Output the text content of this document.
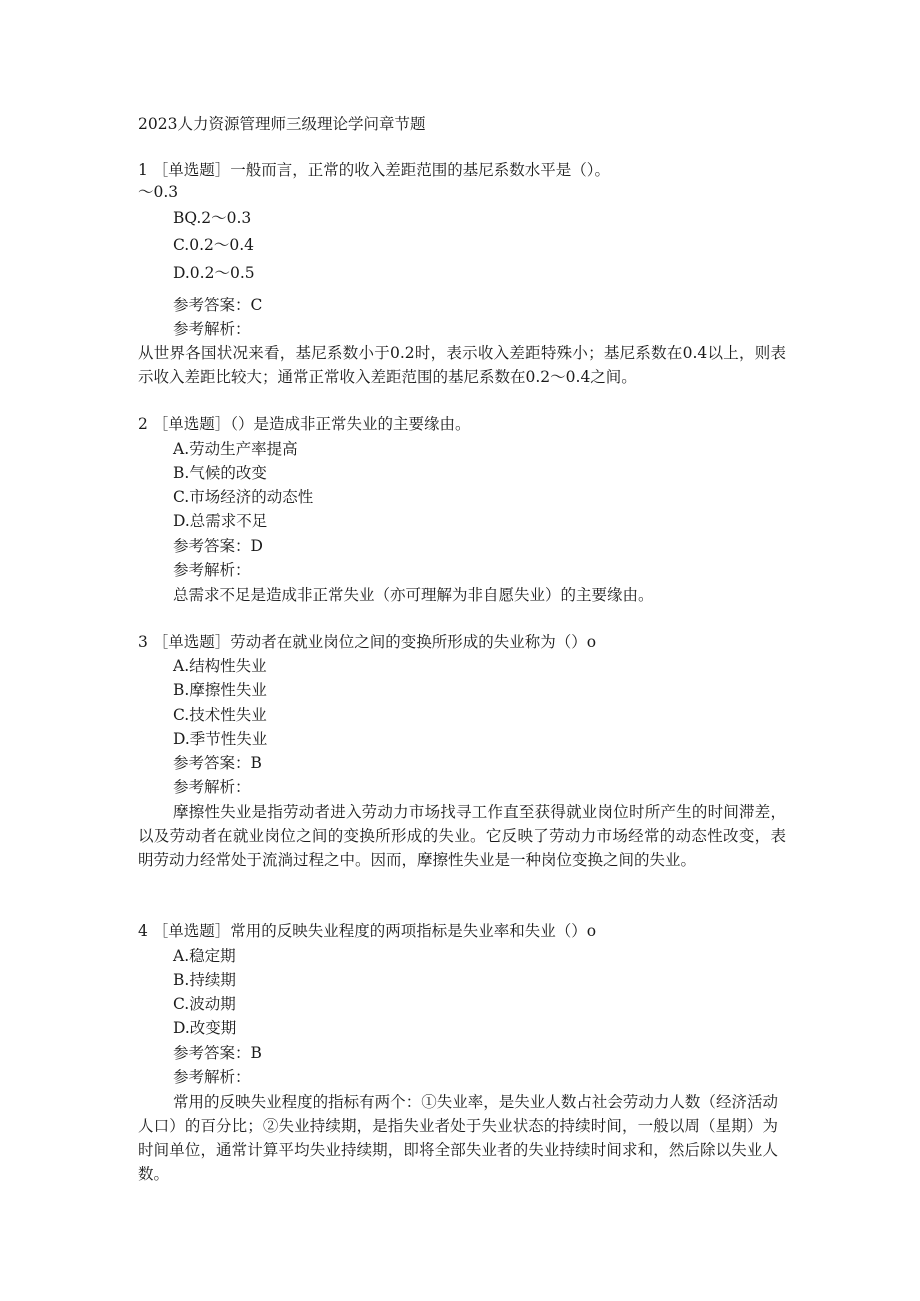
2023人力资源管理师三级理论学问章节题
1 ［单选题］一般而言，正常的收入差距范围的基尼系数水平是（）。
～0.3
BQ.2～0.3
C.0.2～0.4
D.0.2～0.5
参考答案：C
参考解析：
从世界各国状况来看，基尼系数小于0.2时，表示收入差距特殊小；基尼系数在0.4以上，则表示收入差距比较大；通常正常收入差距范围的基尼系数在0.2～0.4之间。
2 ［单选题］（）是造成非正常失业的主要缘由。
A.劳动生产率提高
B.气候的改变
C.市场经济的动态性
D.总需求不足
参考答案：D
参考解析：
总需求不足是造成非正常失业（亦可理解为非自愿失业）的主要缘由。
3 ［单选题］劳动者在就业岗位之间的变换所形成的失业称为（）o
A.结构性失业
B.摩擦性失业
C.技术性失业
D.季节性失业
参考答案：B
参考解析：
摩擦性失业是指劳动者进入劳动力市场找寻工作直至获得就业岗位时所产生的时间滞差，以及劳动者在就业岗位之间的变换所形成的失业。它反映了劳动力市场经常的动态性改变，表明劳动力经常处于流淌过程之中。因而，摩擦性失业是一种岗位变换之间的失业。
4 ［单选题］常用的反映失业程度的两项指标是失业率和失业（）o
A.稳定期
B.持续期
C.波动期
D.改变期
参考答案：B
参考解析：
常用的反映失业程度的指标有两个：①失业率，是失业人数占社会劳动力人数（经济活动人口）的百分比；②失业持续期，是指失业者处于失业状态的持续时间，一般以周（星期）为时间单位，通常计算平均失业持续期，即将全部失业者的失业持续时间求和，然后除以失业人数。
